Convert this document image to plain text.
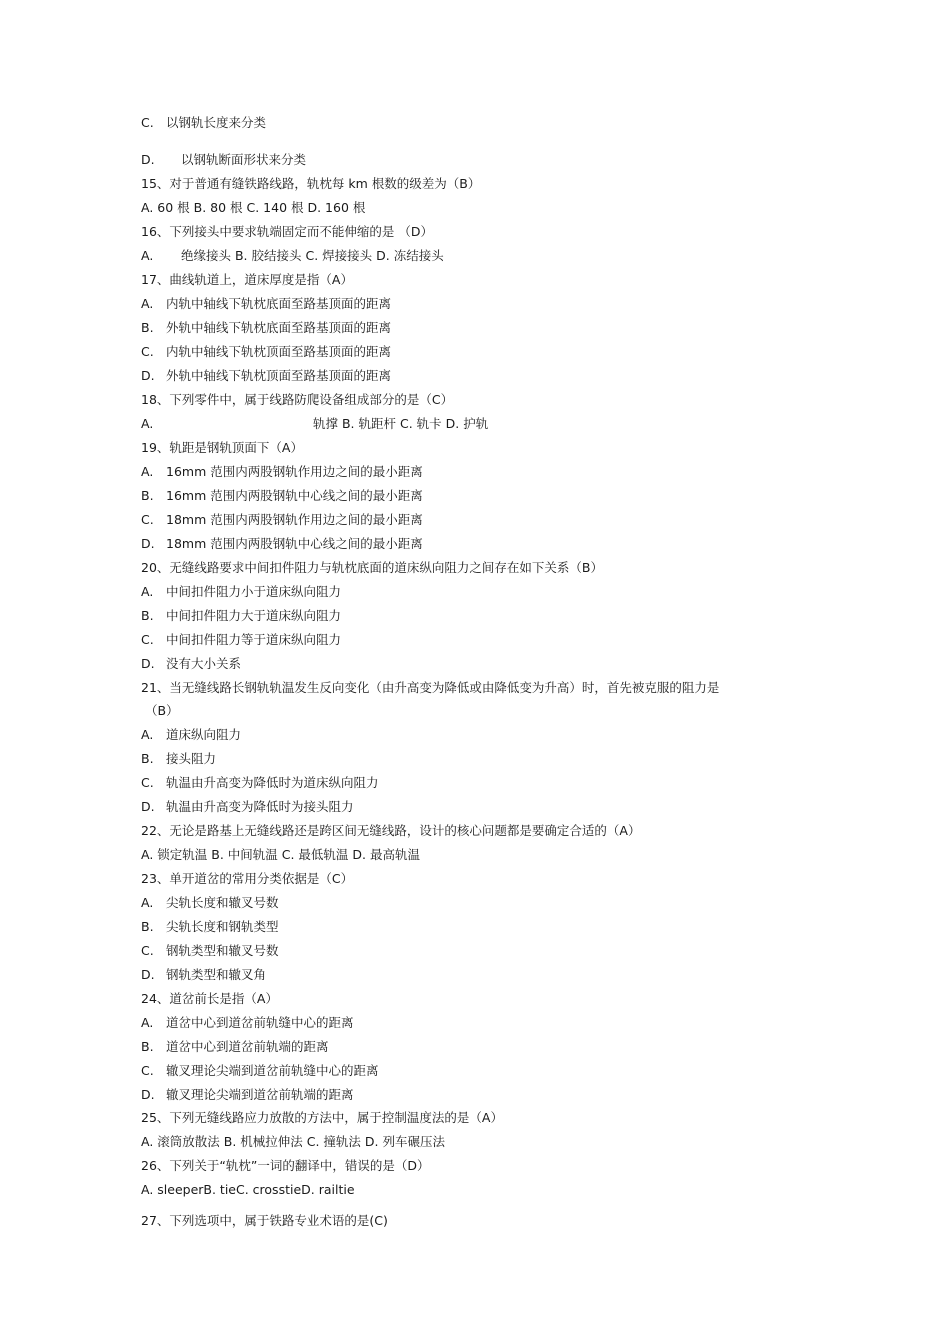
C. 以钢轨长度来分类
D. 以钢轨断面形状来分类
15、对于普通有缝铁路线路，轨枕每 km 根数的级差为（B）
A. 60 根 B. 80 根 C. 140 根 D. 160 根
16、下列接头中要求轨端固定而不能伸缩的是 （D）
A. 绝缘接头 B. 胶结接头 C. 焊接接头 D. 冻结接头
17、曲线轨道上，道床厚度是指（A）
A. 内轨中轴线下轨枕底面至路基顶面的距离
B. 外轨中轴线下轨枕底面至路基顶面的距离
C. 内轨中轴线下轨枕顶面至路基顶面的距离
D. 外轨中轴线下轨枕顶面至路基顶面的距离
18、下列零件中，属于线路防爬设备组成部分的是（C）
A.	轨撑 B. 轨距杆 C. 轨卡 D. 护轨
19、轨距是钢轨顶面下（A）
A. 16mm 范围内两股钢轨作用边之间的最小距离
B. 16mm 范围内两股钢轨中心线之间的最小距离
C. 18mm 范围内两股钢轨作用边之间的最小距离
D. 18mm 范围内两股钢轨中心线之间的最小距离
20、无缝线路要求中间扣件阻力与轨枕底面的道床纵向阻力之间存在如下关系（B）
A. 中间扣件阻力小于道床纵向阻力
B. 中间扣件阻力大于道床纵向阻力
C. 中间扣件阻力等于道床纵向阻力
D. 没有大小关系
21、当无缝线路长钢轨轨温发生反向变化（由升高变为降低或由降低变为升高）时，首先被克服的阻力是
（B）
A. 道床纵向阻力
B. 接头阻力
C. 轨温由升高变为降低时为道床纵向阻力
D. 轨温由升高变为降低时为接头阻力
22、无论是路基上无缝线路还是跨区间无缝线路，设计的核心问题都是要确定合适的（A）
A. 锁定轨温 B. 中间轨温 C. 最低轨温 D. 最高轨温
23、单开道岔的常用分类依据是（C）
A. 尖轨长度和辙叉号数
B. 尖轨长度和钢轨类型
C. 钢轨类型和辙叉号数
D. 钢轨类型和辙叉角
24、道岔前长是指（A）
A. 道岔中心到道岔前轨缝中心的距离
B. 道岔中心到道岔前轨端的距离
C. 辙叉理论尖端到道岔前轨缝中心的距离
D. 辙叉理论尖端到道岔前轨端的距离
25、下列无缝线路应力放散的方法中，属于控制温度法的是（A）
A. 滚筒放散法 B. 机械拉伸法 C. 撞轨法 D. 列车碾压法
26、下列关于“轨枕”一词的翻译中，错误的是（D）
A. sleeperB. tieC. crosstieD. railtie
27、下列选项中，属于铁路专业术语的是(C)
